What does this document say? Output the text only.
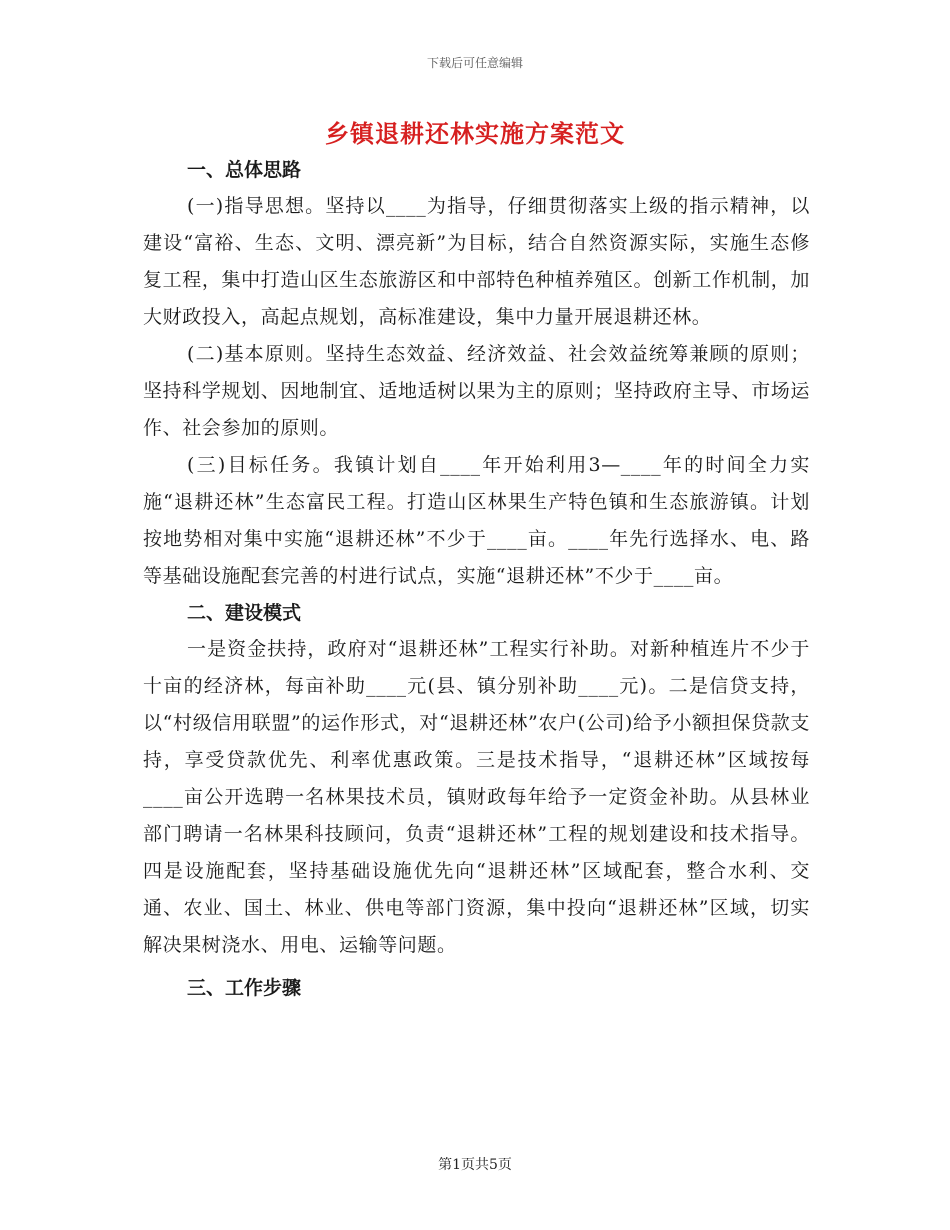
下载后可任意编辑
乡镇退耕还林实施方案范文

一、总体思路

(一)指导思想。坚持以____为指导，仔细贯彻落实上级的指示精神，以建设“富裕、生态、文明、漂亮新”为目标，结合自然资源实际，实施生态修复工程，集中打造山区生态旅游区和中部特色种植养殖区。创新工作机制，加大财政投入，高起点规划，高标准建设，集中力量开展退耕还林。

(二)基本原则。坚持生态效益、经济效益、社会效益统筹兼顾的原则；坚持科学规划、因地制宜、适地适树以果为主的原则；坚持政府主导、市场运作、社会参加的原则。

(三)目标任务。我镇计划自____年开始利用3—____年的时间全力实施“退耕还林”生态富民工程。打造山区林果生产特色镇和生态旅游镇。计划按地势相对集中实施“退耕还林”不少于____亩。____年先行选择水、电、路等基础设施配套完善的村进行试点，实施“退耕还林”不少于____亩。

二、建设模式

一是资金扶持，政府对“退耕还林”工程实行补助。对新种植连片不少于十亩的经济林，每亩补助____元(县、镇分别补助____元)。二是信贷支持，以“村级信用联盟”的运作形式，对“退耕还林”农户(公司)给予小额担保贷款支持，享受贷款优先、利率优惠政策。三是技术指导，“退耕还林”区域按每____亩公开选聘一名林果技术员，镇财政每年给予一定资金补助。从县林业部门聘请一名林果科技顾问，负责“退耕还林”工程的规划建设和技术指导。四是设施配套，坚持基础设施优先向“退耕还林”区域配套，整合水利、交通、农业、国土、林业、供电等部门资源，集中投向“退耕还林”区域，切实解决果树浇水、用电、运输等问题。

三、工作步骤

第1页共5页
